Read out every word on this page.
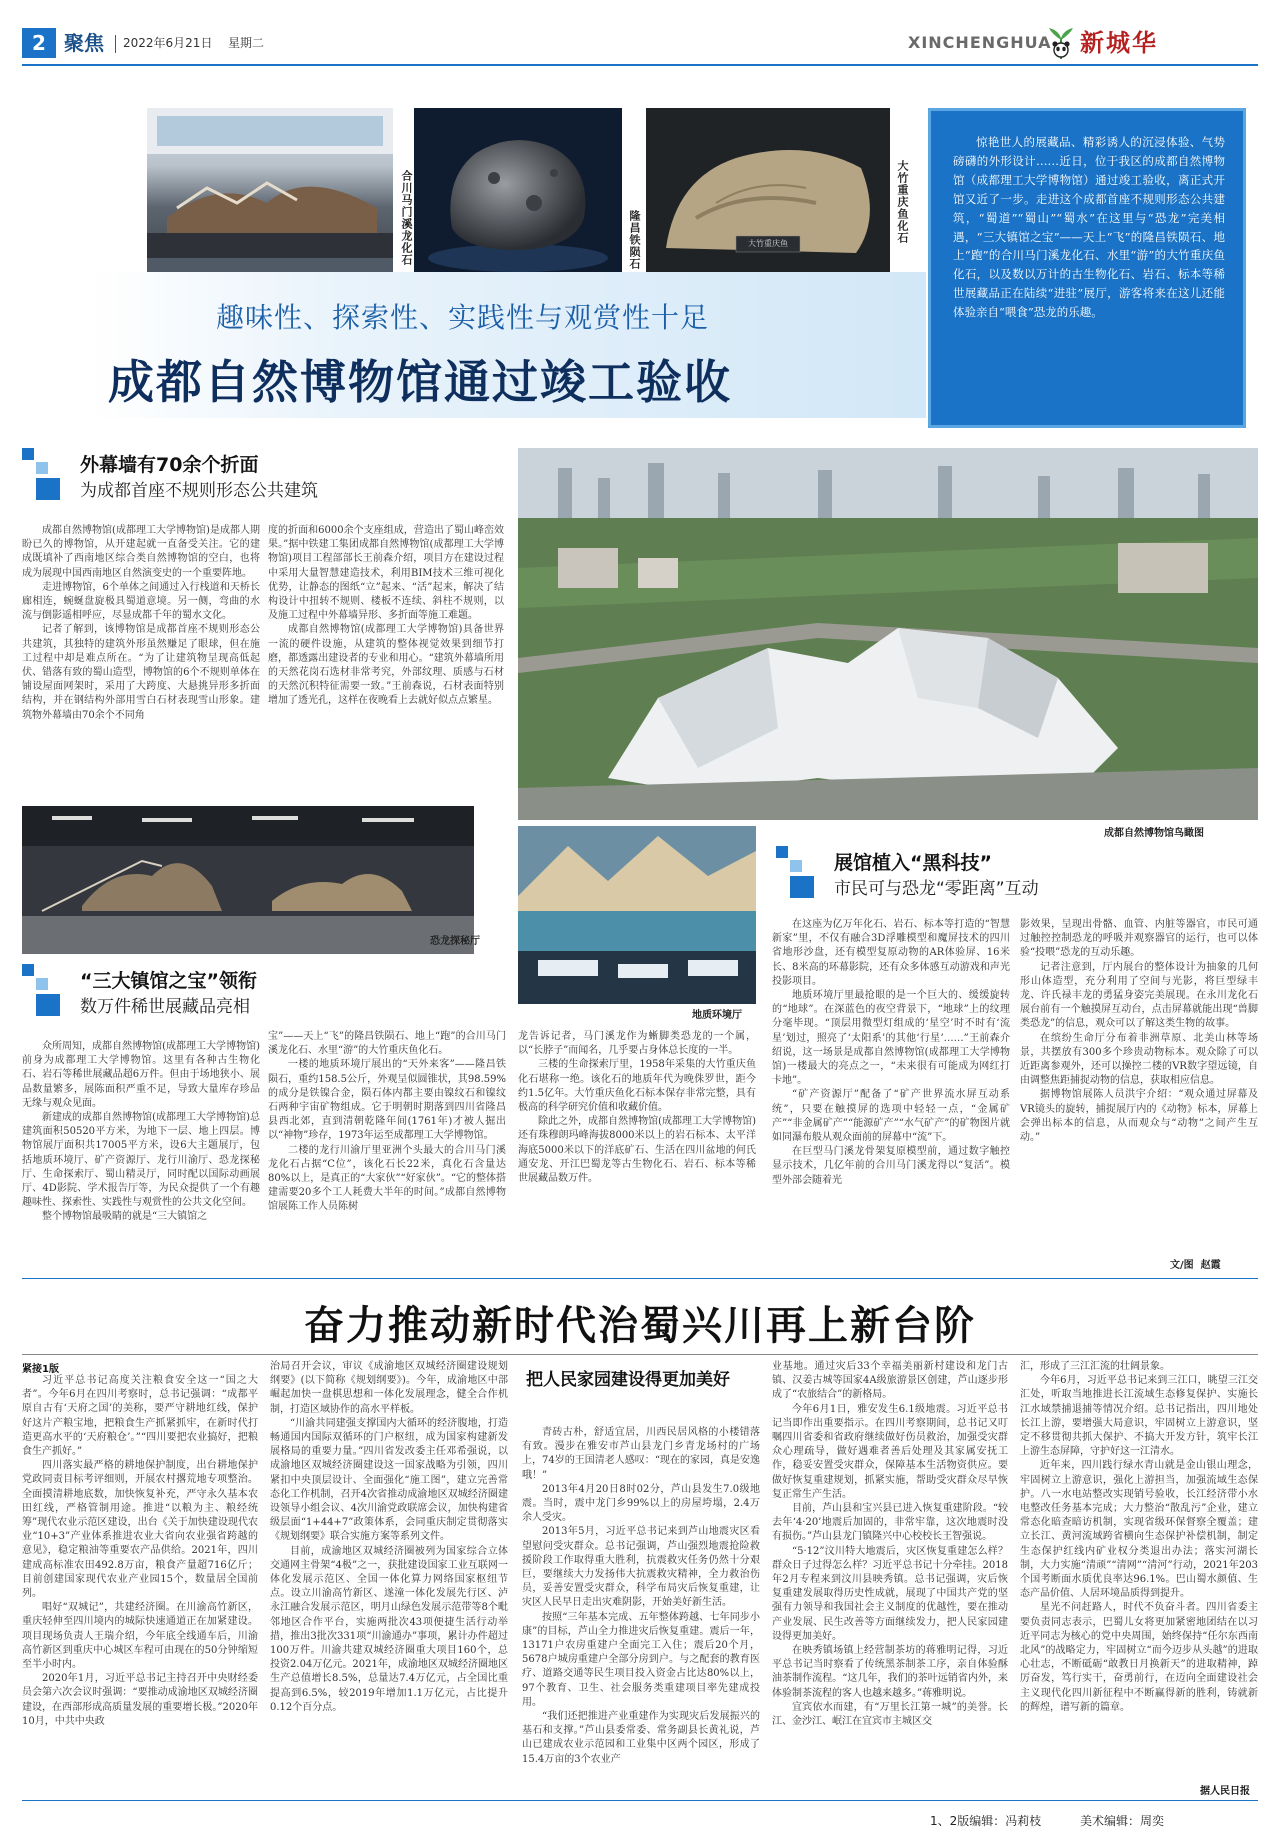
2 聚焦 2022年6月21日 星期二	XINCHENGHUA 新城华
合川马门溪龙化石	隆昌铁陨石	大竹重庆鱼	大竹重庆鱼化石
趣味性、探索性、实践性与观赏性十足
成都自然博物馆通过竣工验收
惊艳世人的展藏品、精彩诱人的沉浸体验、气势磅礴的外形设计……近日，位于我区的成都自然博物馆（成都理工大学博物馆）通过竣工验收，离正式开馆又近了一步。走进这个成都首座不规则形态公共建筑，“蜀道”“蜀山”“蜀水”在这里与“恐龙”完美相遇，“三大镇馆之宝”——天上“飞”的隆昌铁陨石、地上“跑”的合川马门溪龙化石、水里“游”的大竹重庆鱼化石，以及数以万计的古生物化石、岩石、标本等稀世展藏品正在陆续“进驻”展厅，游客将来在这儿还能体验亲自“喂食”恐龙的乐趣。
外幕墙有70余个折面
为成都首座不规则形态公共建筑

成都自然博物馆(成都理工大学博物馆)是成都人期盼已久的博物馆，从开建起就一直备受关注。它的建成既填补了西南地区综合类自然博物馆的空白，也将成为展现中国西南地区自然演变史的一个重要阵地。

走进博物馆，6个单体之间通过入行栈道和天桥长廊相连，蜿蜒盘旋极具蜀道意境。另一侧，弯曲的水流与倒影遥相呼应，尽显成都千年的蜀水文化。

记者了解到，该博物馆是成都首座不规则形态公共建筑，其独特的建筑外形虽然赚足了眼球，但在施工过程中却是难点所在。“为了让建筑物呈现高低起伏、错落有致的蜀山造型，博物馆的6个不规则单体在铺设屋面网架时，采用了大跨度、大悬挑异形多折面结构，并在钢结构外部用雪白石材表现雪山形象。建筑物外幕墙由70余个不同角

度的折面和6000余个支座组成，营造出了蜀山峰峦效果。”据中铁建工集团成都自然博物馆(成都理工大学博物馆)项目工程部部长王前森介绍，项目方在建设过程中采用大量智慧建造技术，利用BIM技术三维可视化优势，让静态的图纸“立”起来、“活”起来，解决了结构设计中扭转不规则、楼板不连续、斜柱不规则，以及施工过程中外幕墙异形、多折面等施工难题。

成都自然博物馆(成都理工大学博物馆)具备世界一流的硬件设施，从建筑的整体视觉效果到细节打磨，都透露出建设者的专业和用心。“建筑外幕墙所用的天然花岗石选材非常考究，外部纹理、质感与石材的天然沉积特征需要一致。”王前森说，石材表面特别增加了透光孔，这样在夜晚看上去就好似点点繁星。

成都自然博物馆鸟瞰图
恐龙探秘厅
地质环境厅
“三大镇馆之宝”领衔
数万件稀世展藏品亮相

众所周知，成都自然博物馆(成都理工大学博物馆)前身为成都理工大学博物馆。这里有各种古生物化石、岩石等稀世展藏品超6万件。但由于场地狭小、展品数量繁多，展陈面积严重不足，导致大量库存珍品无缘与观众见面。

新建成的成都自然博物馆(成都理工大学博物馆)总建筑面积50520平方米，为地下一层、地上四层。博物馆展厅面积共17005平方米，设6大主题展厅，包括地质环境厅、矿产资源厅、龙行川渝厅、恐龙探秘厅、生命探索厅、蜀山精灵厅，同时配以国际动画展厅、4D影院、学术报告厅等，为民众提供了一个有趣趣味性、探索性、实践性与观赏性的公共文化空间。

整个博物馆最吸睛的就是“三大镇馆之

宝”——天上“飞”的隆昌铁陨石、地上“跑”的合川马门溪龙化石、水里“游”的大竹重庆鱼化石。

一楼的地质环境厅展出的“天外来客”——隆昌铁陨石，重约158.5公斤，外观呈似圆锥状，其98.59%的成分是铁镍合金，陨石体内都主要由镍纹石和镍纹石两种宇宙矿物组成。它于明朝时期落到四川省隆昌县西北郊，直到清朝乾隆年间(1761年)才被人掘出以“神物”珍存，1973年运至成都理工大学博物馆。

二楼的龙行川渝厅里亚洲个头最大的合川马门溪龙化石占据“C位”，该化石长22米，真化石含量达80%以上，是真正的“大家伙”“好家伙”。“它的整体搭建需要20多个工人耗费大半年的时间。”成都自然博物馆展陈工作人员陈树

龙告诉记者，马门溪龙作为蜥脚类恐龙的一个属，以“长脖子”而闻名，几乎要占身体总长度的一半。

三楼的生命探索厅里，1958年采集的大竹重庆鱼化石堪称一绝。该化石的地质年代为晚侏罗世，距今约1.5亿年。大竹重庆鱼化石标本保存非常完整，具有极高的科学研究价值和收藏价值。

除此之外，成都自然博物馆(成都理工大学博物馆)还有珠穆朗玛峰海拔8000米以上的岩石标本、太平洋海底5000米以下的洋底矿石、生活在四川盆地的何氏通安龙、开江巴蜀龙等古生物化石、岩石、标本等稀世展藏品数万件。

展馆植入“黑科技”
市民可与恐龙“零距离”互动

在这座为亿万年化石、岩石、标本等打造的“智慧新家”里，不仅有融合3D浮雕模型和魔屏技术的四川省地形沙盘，还有模型复原动物的AR体验屏、16米长、8米高的环幕影院，还有众多体感互动游戏和声光投影项目。

地质环境厅里最抢眼的是一个巨大的、缓缓旋转的“地球”。在深蓝色的夜空背景下，“地球”上的纹理分毫毕现。“顶层用微型灯组成的‘星空’时不时有‘流星’划过，照亮了‘太阳系’的其他‘行星’……”王前森介绍说，这一场景是成都自然博物馆(成都理工大学博物馆)一楼最大的亮点之一，“未来很有可能成为网红打卡地”。

“矿产资源厅”配备了“矿产世界流水屏互动系统”，只要在触摸屏的选项中轻轻一点，“金属矿产”“非金属矿产”“能源矿产”“水气矿产”的矿物图片就如同瀑布般从观众面前的屏幕中“流”下。

在巨型马门溪龙骨架复原模型前，通过数字触控显示技术，几亿年前的合川马门溪龙得以“复活”。模型外部会随着光

影效果，呈现出骨骼、血管、内脏等器官，市民可通过触控控制恐龙的呼吸并观察器官的运行，也可以体验“投喂”恐龙的互动乐趣。

记者注意到，厅内展台的整体设计为抽象的几何形山体造型，充分利用了空间与光影，将巨型绿丰龙、许氏禄丰龙的勇猛身姿完美展现。在永川龙化石展台前有一个触摸屏互动台，点击屏幕就能出现“兽脚类恐龙”的信息，观众可以了解这类生物的故事。

在缤纷生命厅分布着非洲草原、北美山林等场景，共摆放有300多个珍贵动物标本。观众除了可以近距离参观外，还可以操控二楼的VR数字望远镜，自由调整焦距捕捉动物的信息，获取相应信息。

据博物馆展陈人员洪宇介绍：“观众通过屏幕及VR镜头的旋转，捕捉展厅内的《动物》标本，屏幕上会弹出标本的信息，从而观众与“动物”之间产生互动。”

文/图  赵霞
奋力推动新时代治蜀兴川再上新台阶
紧接1版

习近平总书记高度关注粮食安全这一“国之大者”。今年6月在四川考察时，总书记强调：“成都平原自古有‘天府之国’的美称，要严守耕地红线，保护好这片产粮宝地，把粮食生产抓紧抓牢，在新时代打造更高水平的‘天府粮仓’。”“四川要把农业搞好，把粮食生产抓好。”

四川落实最严格的耕地保护制度，出台耕地保护党政同责目标考评细则，开展农村撂荒地专项整治。全面摸清耕地底数，加快恢复补充，严守永久基本农田红线，严格管制用途。推进“以粮为主、粮经统筹”现代农业示范区建设，出台《关于加快建设现代农业“10+3”产业体系推进农业大省向农业强省跨越的意见》，稳定粮油等重要农产品供给。2021年，四川建成高标准农田492.8万亩，粮食产量超716亿斤；目前创建国家现代农业产业园15个，数量居全国前列。

唱好“双城记”，共建经济圈。在川渝高竹新区，重庆轻伸至四川境内的城际快速通道正在加紧建设。项目现场负责人王瑞介绍，今年底全线通车后，川渝高竹新区到重庆中心城区车程可由现在的50分钟缩短至半小时内。

2020年1月，习近平总书记主持召开中央财经委员会第六次会议时强调：“要推动成渝地区双城经济圈建设，在西部形成高质量发展的重要增长极。”2020年10月，中共中央政

治局召开会议，审议《成渝地区双城经济圈建设规划纲要》(以下简称《规划纲要》)。今年，成渝地区中部崛起加快一盘棋思想和一体化发展理念，健全合作机制，打造区域协作的高水平样板。

“川渝共同建强支撑国内大循环的经济腹地，打造畅通国内国际双循环的门户枢纽，成为国家构建新发展格局的重要力量。”四川省发改委主任邓希强说，以成渝地区双城经济圈建设这一国家战略为引领，四川紧扣中央顶层设计、全面强化“施工图”，建立完善常态化工作机制，召开4次省推动成渝地区双城经济圈建设领导小组会议、4次川渝党政联席会议，加快构建省级层面“1+44+7”政策体系，会同重庆制定贯彻落实《规划纲要》联合实施方案等系列文件。

目前，成渝地区双城经济圈被列为国家综合立体交通网主骨架“4极”之一，获批建设国家工业互联网一体化发展示范区、全国一体化算力网络国家枢纽节点。设立川渝高竹新区、遂潼一体化发展先行区、泸永江融合发展示范区，明月山绿色发展示范带等8个毗邻地区合作平台，实施两批次43项便捷生活行动举措，推出3批次331项“川渝通办”事项，累计办件超过100万件。川渝共建双城经济圈重大项目160个，总投资2.04万亿元。2021年，成渝地区双城经济圈地区生产总值增长8.5%，总量达7.4万亿元，占全国比重提高到6.5%，较2019年增加1.1万亿元，占比提升0.12个百分点。

把人民家园建设得更加美好

青砖古朴，舒适宜居，川西民居风格的小楼错落有致。漫步在雅安市芦山县龙门乡青龙场村的广场上，74岁的王国清老人感叹：“现在的家园，真是安逸哦！”

2013年4月20日8时02分，芦山县发生7.0级地震。当时，震中龙门乡99%以上的房屋垮塌，2.4万余人受灾。

2013年5月，习近平总书记来到芦山地震灾区看望慰问受灾群众。总书记强调，芦山强烈地震抢险救援阶段工作取得重大胜利，抗震救灾任务仍然十分艰巨，要继续大力发扬伟大抗震救灾精神，全力救治伤员，妥善安置受灾群众，科学布局灾后恢复重建，让灾区人民早日走出灾难阴影，开始美好新生活。

按照“三年基本完成、五年整体跨越、七年同步小康”的目标，芦山全力推进灾后恢复重建。震后一年，13171户农房重建户全面完工入住；震后20个月，5678户城房重建户全部分房到户。与之配套的教育医疗、道路交通等民生项目投入资金占比达80%以上，97个教育、卫生、社会服务类重建项目率先建成投用。

“我们还把推进产业重建作为实现灾后发展振兴的基石和支撑。”芦山县委常委、常务副县长黄礼说，芦山已建成农业示范园和工业集中区两个园区，形成了15.4万亩的3个农业产

业基地。通过灾后33个幸福美丽新村建设和龙门古镇、汉姜古城等国家4A级旅游景区创建，芦山逐步形成了“农旅结合”的新格局。

今年6月1日，雅安发生6.1级地震。习近平总书记当即作出重要指示。在四川考察期间，总书记又叮嘱四川省委和省政府继续做好伤员救治，加强受灾群众心理疏导，做好遇难者善后处理及其家属安抚工作，稳妥安置受灾群众，保障基本生活物资供应。要做好恢复重建规划，抓紧实施，帮助受灾群众尽早恢复正常生产生活。

目前，芦山县和宝兴县已进入恢复重建阶段。“较去年‘4·20’地震后加固的，非常牢靠，这次地震时没有损伤。”芦山县龙门镇隆兴中心校校长王智强说。

“5·12”汶川特大地震后，灾区恢复重建怎么样？群众日子过得怎么样？习近平总书记十分牵挂。2018年2月专程来到汶川县映秀镇。总书记强调，灾后恢复重建发展取得历史性成就，展现了中国共产党的坚强有力领导和我国社会主义制度的优越性，要在推动产业发展、民生改善等方面继续发力，把人民家园建设得更加美好。

在映秀镇场镇上经营制茶坊的蒋雅明记得，习近平总书记当时察看了传统黑茶制茶工序，亲自体验酥油茶制作流程。“这几年，我们的茶叶远销省内外，来体验制茶流程的客人也越来越多。”蒋雅明说。

宜宾依水而建，有“万里长江第一城”的美誉。长江、金沙江、岷江在宜宾市主城区交

汇，形成了三江汇流的壮阔景象。

今年6月，习近平总书记来到三江口，眺望三江交汇处，听取当地推进长江流域生态修复保护、实施长江水域禁捕退捕等情况介绍。总书记指出，四川地处长江上游，要增强大局意识，牢固树立上游意识，坚定不移贯彻共抓大保护、不搞大开发方针，筑牢长江上游生态屏障，守护好这一江清水。

近年来，四川践行绿水青山就是金山银山理念，牢固树立上游意识，强化上游担当，加强流域生态保护。八一水电站整改实现销号验收，长江经济带小水电整改任务基本完成；大力整治“散乱污”企业，建立常态化暗查暗访机制，实现省级环保督察全覆盖；建立长江、黄河流域跨省横向生态保护补偿机制，制定生态保护红线内矿业权分类退出办法；落实河湖长制，大力实施“清顽”“清网”“清河”行动，2021年203个国考断面水质优良率达96.1%。巴山蜀水颜值、生态产品价值、人居环境品质得到提升。

星光不问赶路人，时代不负奋斗者。四川省委主要负责同志表示，巴蜀儿女将更加紧密地团结在以习近平同志为核心的党中央周围，始终保持“任尔东西南北风”的战略定力，牢固树立“而今迈步从头越”的进取心壮志，不断砥砺“敢教日月换新天”的进取精神，踔厉奋发，笃行实干，奋勇前行，在迈向全面建设社会主义现代化四川新征程中不断赢得新的胜利，铸就新的辉煌，谱写新的篇章。

据人民日报
1、2版编辑：冯莉枝	美术编辑：周奕
